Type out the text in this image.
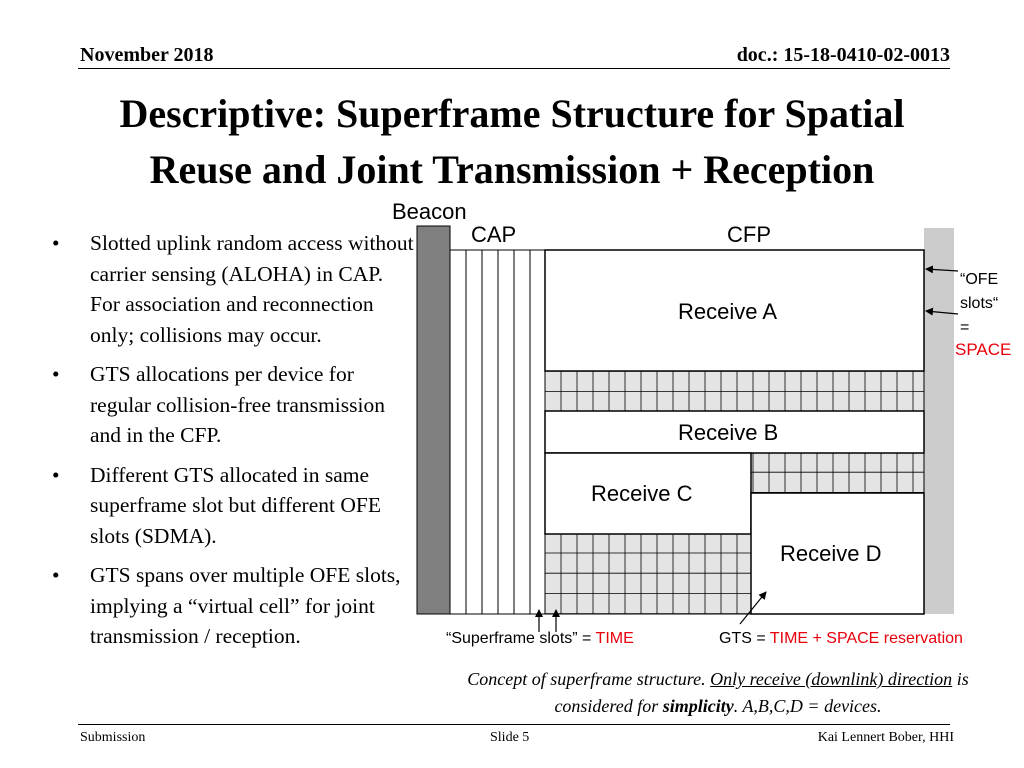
November 2018	doc.: 15-18-0410-02-0013
Descriptive: Superframe Structure for Spatial
Reuse and Joint Transmission + Reception
• Slotted uplink random access without carrier sensing (ALOHA) in CAP. For association and reconnection only; collisions may occur.
• GTS allocations per device for regular collision-free transmission and in the CFP.
• Different GTS allocated in same superframe slot but different OFE slots (SDMA).
• GTS spans over multiple OFE slots, implying a “virtual cell” for joint transmission / reception.
Beacon
CAP	CFP
Receive A
Receive B
Receive C
Receive D
“OFE
slots“
=
SPACE
“Superframe slots” = TIME	GTS = TIME + SPACE reservation
Concept of superframe structure. Only receive (downlink) direction is considered for simplicity. A,B,C,D = devices.
Submission	Slide 5	Kai Lennert Bober, HHI
